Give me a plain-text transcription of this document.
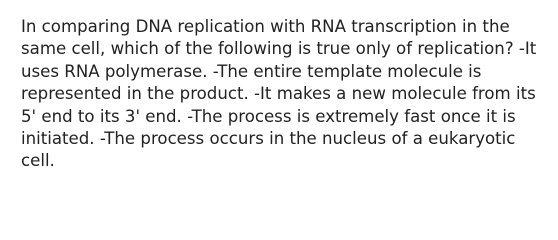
In comparing DNA replication with RNA transcription in the same cell, which of the following is true only of replication? -It uses RNA polymerase. -The entire template molecule is represented in the product. -It makes a new molecule from its 5' end to its 3' end. -The process is extremely fast once it is initiated. -The process occurs in the nucleus of a eukaryotic cell.
